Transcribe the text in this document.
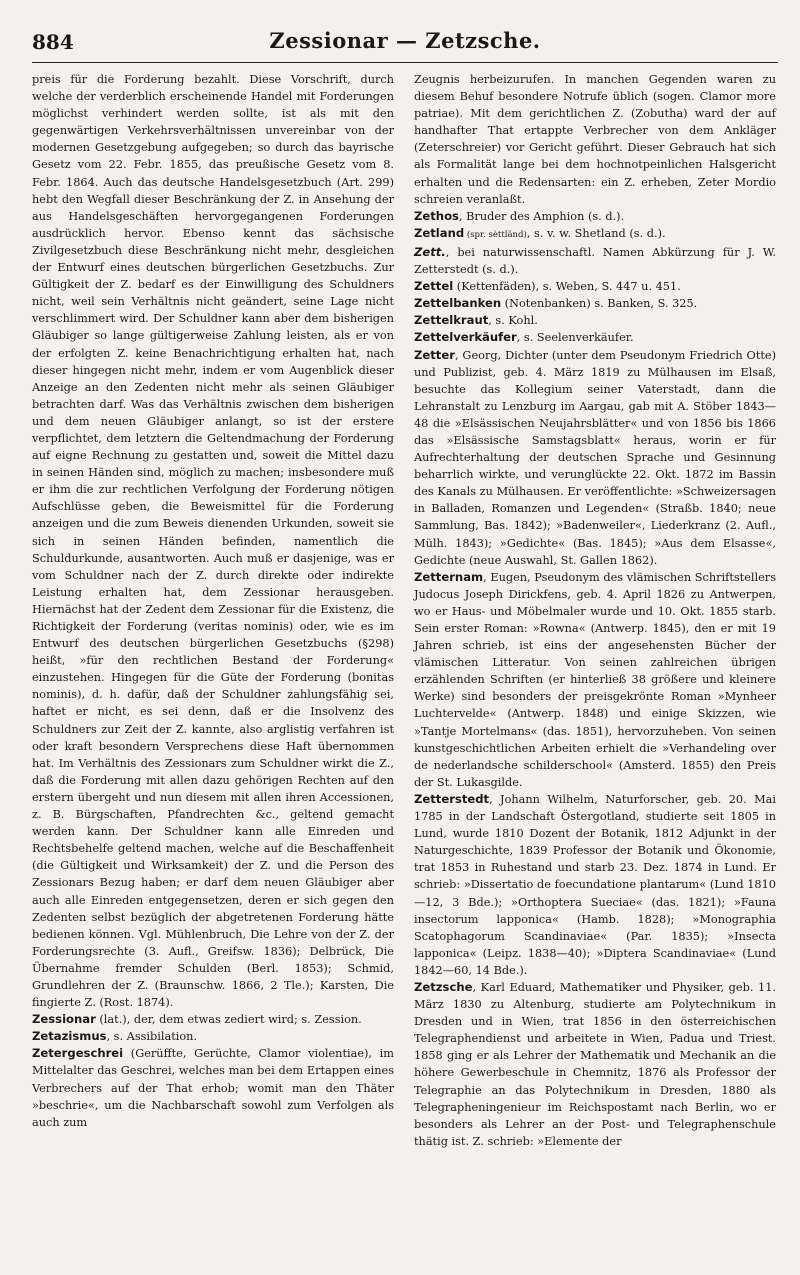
884	Zessionar — Zetzsche.

preis für die Forderung bezahlt. Diese Vorschrift, durch welche der verderblich erscheinende Handel mit Forderungen möglichst verhindert werden sollte, ist als mit den gegenwärtigen Verkehrsverhältnissen unvereinbar von der modernen Gesetzgebung aufgegeben; so durch das bayrische Gesetz vom 22. Febr. 1855, das preußische Gesetz vom 8. Febr. 1864. Auch das deutsche Handelsgesetzbuch (Art. 299) hebt den Wegfall dieser Beschränkung der Z. in Ansehung der aus Handelsgeschäften hervorgegangenen Forderungen ausdrücklich hervor. Ebenso kennt das sächsische Zivilgesetzbuch diese Beschränkung nicht mehr, desgleichen der Entwurf eines deutschen bürgerlichen Gesetzbuchs. Zur Gültigkeit der Z. bedarf es der Einwilligung des Schuldners nicht, weil sein Verhältnis nicht geändert, seine Lage nicht verschlimmert wird. Der Schuldner kann aber dem bisherigen Gläubiger so lange gültigerweise Zahlung leisten, als er von der erfolgten Z. keine Benachrichtigung erhalten hat, nach dieser hingegen nicht mehr, indem er vom Augenblick dieser Anzeige an den Zedenten nicht mehr als seinen Gläubiger betrachten darf. Was das Verhältnis zwischen dem bisherigen und dem neuen Gläubiger anlangt, so ist der erstere verpflichtet, dem letztern die Geltendmachung der Forderung auf eigne Rechnung zu gestatten und, soweit die Mittel dazu in seinen Händen sind, möglich zu machen; insbesondere muß er ihm die zur rechtlichen Verfolgung der Forderung nötigen Aufschlüsse geben, die Beweismittel für die Forderung anzeigen und die zum Beweis dienenden Urkunden, soweit sie sich in seinen Händen befinden, namentlich die Schuldurkunde, ausantworten. Auch muß er dasjenige, was er vom Schuldner nach der Z. durch direkte oder indirekte Leistung erhalten hat, dem Zessionar herausgeben. Hiernächst hat der Zedent dem Zessionar für die Existenz, die Richtigkeit der Forderung (veritas nominis) oder, wie es im Entwurf des deutschen bürgerlichen Gesetzbuchs (§298) heißt, »für den rechtlichen Bestand der Forderung« einzustehen. Hingegen für die Güte der Forderung (bonitas nominis), d. h. dafür, daß der Schuldner zahlungsfähig sei, haftet er nicht, es sei denn, daß er die Insolvenz des Schuldners zur Zeit der Z. kannte, also arglistig verfahren ist oder kraft besondern Versprechens diese Haft übernommen hat. Im Verhältnis des Zessionars zum Schuldner wirkt die Z., daß die Forderung mit allen dazu gehörigen Rechten auf den erstern übergeht und nun diesem mit allen ihren Accessionen, z. B. Bürgschaften, Pfandrechten &c., geltend gemacht werden kann. Der Schuldner kann alle Einreden und Rechtsbehelfe geltend machen, welche auf die Beschaffenheit (die Gültigkeit und Wirksamkeit) der Z. und die Person des Zessionars Bezug haben; er darf dem neuen Gläubiger aber auch alle Einreden entgegensetzen, deren er sich gegen den Zedenten selbst bezüglich der abgetretenen Forderung hätte bedienen können. Vgl. Mühlenbruch, Die Lehre von der Z. der Forderungsrechte (3. Aufl., Greifsw. 1836); Delbrück, Die Übernahme fremder Schulden (Berl. 1853); Schmid, Grundlehren der Z. (Braunschw. 1866, 2 Tle.); Karsten, Die fingierte Z. (Rost. 1874).

Zessionar (lat.), der, dem etwas zediert wird; s. Zession.

Zetazismus, s. Assibilation.

Zetergeschrei (Gerüffte, Gerüchte, Clamor violentiae), im Mittelalter das Geschrei, welches man bei dem Ertappen eines Verbrechers auf der That erhob; womit man den Thäter »beschrie«, um die Nachbarschaft sowohl zum Verfolgen als auch zum

Zeugnis herbeizurufen. In manchen Gegenden waren zu diesem Behuf besondere Notrufe üblich (sogen. Clamor more patriae). Mit dem gerichtlichen Z. (Zobutha) ward der auf handhafter That ertappte Verbrecher von dem Ankläger (Zeterschreier) vor Gericht geführt. Dieser Gebrauch hat sich als Formalität lange bei dem hochnotpeinlichen Halsgericht erhalten und die Redensarten: ein Z. erheben, Zeter Mordio schreien veranlaßt.

Zethos, Bruder des Amphion (s. d.).

Zetland (spr. sèttländ), s. v. w. Shetland (s. d.).

Zett., bei naturwissenschaftl. Namen Abkürzung für J. W. Zetterstedt (s. d.).

Zettel (Kettenfäden), s. Weben, S. 447 u. 451.

Zettelbanken (Notenbanken) s. Banken, S. 325.

Zettelkraut, s. Kohl.

Zettelverkäufer, s. Seelenverkäufer.

Zetter, Georg, Dichter (unter dem Pseudonym Friedrich Otte) und Publizist, geb. 4. März 1819 zu Mülhausen im Elsaß, besuchte das Kollegium seiner Vaterstadt, dann die Lehranstalt zu Lenzburg im Aargau, gab mit A. Stöber 1843—48 die »Elsässischen Neujahrsblätter« und von 1856 bis 1866 das »Elsässische Samstagsblatt« heraus, worin er für Aufrechterhaltung der deutschen Sprache und Gesinnung beharrlich wirkte, und verunglückte 22. Okt. 1872 im Bassin des Kanals zu Mülhausen. Er veröffentlichte: »Schweizersagen in Balladen, Romanzen und Legenden« (Straßb. 1840; neue Sammlung, Bas. 1842); »Badenweiler«, Liederkranz (2. Aufl., Mülh. 1843); »Gedichte« (Bas. 1845); »Aus dem Elsasse«, Gedichte (neue Auswahl, St. Gallen 1862).

Zetternam, Eugen, Pseudonym des vlämischen Schriftstellers Judocus Joseph Dirickfens, geb. 4. April 1826 zu Antwerpen, wo er Haus- und Möbelmaler wurde und 10. Okt. 1855 starb. Sein erster Roman: »Rowna« (Antwerp. 1845), den er mit 19 Jahren schrieb, ist eins der angesehensten Bücher der vlämischen Litteratur. Von seinen zahlreichen übrigen erzählenden Schriften (er hinterließ 38 größere und kleinere Werke) sind besonders der preisgekrönte Roman »Mynheer Luchtervelde« (Antwerp. 1848) und einige Skizzen, wie »Tantje Mortelmans« (das. 1851), hervorzuheben. Von seinen kunstgeschichtlichen Arbeiten erhielt die »Verhandeling over de nederlandsche schilderschool« (Amsterd. 1855) den Preis der St. Lukasgilde.

Zetterstedt, Johann Wilhelm, Naturforscher, geb. 20. Mai 1785 in der Landschaft Östergotland, studierte seit 1805 in Lund, wurde 1810 Dozent der Botanik, 1812 Adjunkt in der Naturgeschichte, 1839 Professor der Botanik und Ökonomie, trat 1853 in Ruhestand und starb 23. Dez. 1874 in Lund. Er schrieb: »Dissertatio de foecundatione plantarum« (Lund 1810—12, 3 Bde.); »Orthoptera Sueciae« (das. 1821); »Fauna insectorum lapponica« (Hamb. 1828); »Monographia Scatophagorum Scandinaviae« (Par. 1835); »Insecta lapponica« (Leipz. 1838—40); »Diptera Scandinaviae« (Lund 1842—60, 14 Bde.).

Zetzsche, Karl Eduard, Mathematiker und Physiker, geb. 11. März 1830 zu Altenburg, studierte am Polytechnikum in Dresden und in Wien, trat 1856 in den österreichischen Telegraphendienst und arbeitete in Wien, Padua und Triest. 1858 ging er als Lehrer der Mathematik und Mechanik an die höhere Gewerbeschule in Chemnitz, 1876 als Professor der Telegraphie an das Polytechnikum in Dresden, 1880 als Telegrapheningenieur im Reichspostamt nach Berlin, wo er besonders als Lehrer an der Post- und Telegraphenschule thätig ist. Z. schrieb: »Elemente der
